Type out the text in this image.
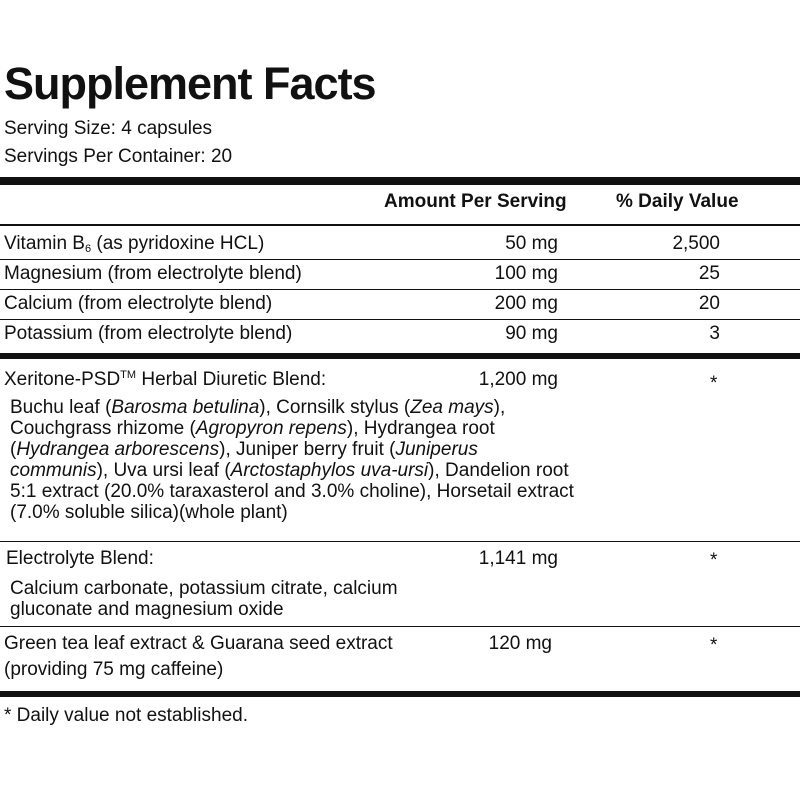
Supplement Facts
Serving Size: 4 capsules
Servings Per Container: 20
Amount Per Serving	% Daily Value
Vitamin $B_6$ (as pyridoxine HCL)	50 mg	2,500
Magnesium (from electrolyte blend)	100 mg	25
Calcium (from electrolyte blend)	200 mg	20
Potassium (from electrolyte blend)	90 mg	3
Xeritone-PSD™ Herbal Diuretic Blend:	1,200 mg	*
Buchu leaf (Barosma betulina), Cornsilk stylus (Zea mays), Couchgrass rhizome (Agropyron repens), Hydrangea root (Hydrangea arborescens), Juniper berry fruit (Juniperus communis), Uva ursi leaf (Arctostaphylos uva-ursi), Dandelion root 5:1 extract (20.0% taraxasterol and 3.0% choline), Horsetail extract (7.0% soluble silica)(whole plant)
Electrolyte Blend:	1,141 mg	*
Calcium carbonate, potassium citrate, calcium gluconate and magnesium oxide
Green tea leaf extract & Guarana seed extract
(providing 75 mg caffeine)
120 mg	*
* Daily value not established.
